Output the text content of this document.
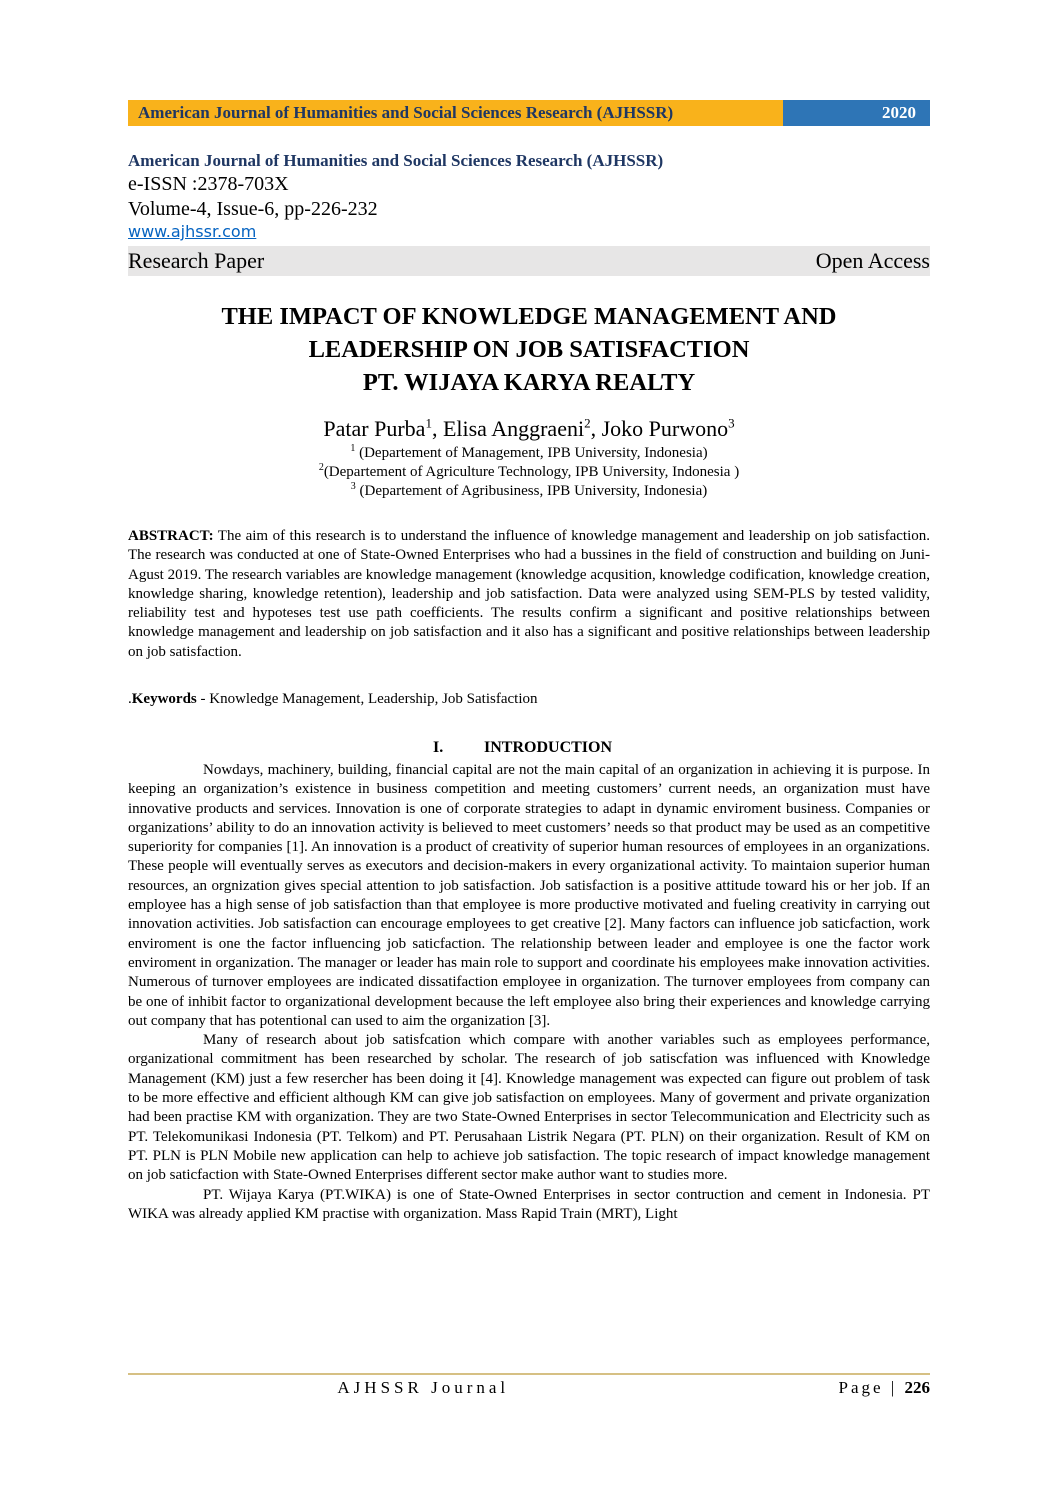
American Journal of Humanities and Social Sciences Research (AJHSSR)	2020
American Journal of Humanities and Social Sciences Research (AJHSSR)
e-ISSN :2378-703X
Volume-4, Issue-6, pp-226-232
www.ajhssr.com
Research Paper	Open Access
THE IMPACT OF KNOWLEDGE MANAGEMENT AND
LEADERSHIP ON JOB SATISFACTION
PT. WIJAYA KARYA REALTY
Patar Purba$^1$, Elisa Anggraeni$^2$, Joko Purwono$^3$
$^1$ (Departement of Management, IPB University, Indonesia)
$^2$(Departement of Agriculture Technology, IPB University, Indonesia )
$^3$ (Departement of Agribusiness, IPB University, Indonesia)
ABSTRACT: The aim of this research is to understand the influence of knowledge management and leadership on job satisfaction. The research was conducted at one of State-Owned Enterprises who had a bussines in the field of construction and building on Juni-Agust 2019. The research variables are knowledge management (knowledge acqusition, knowledge codification, knowledge creation, knowledge sharing, knowledge retention), leadership and job satisfaction. Data were analyzed using SEM-PLS by tested validity, reliability test and hypoteses test use path coefficients. The results confirm a significant and positive relationships between knowledge management and leadership on job satisfaction and it also has a significant and positive relationships between leadership on job satisfaction.
.Keywords - Knowledge Management, Leadership, Job Satisfaction
I.	INTRODUCTION

Nowdays, machinery, building, financial capital are not the main capital of an organization in achieving it is purpose. In keeping an organization’s existence in business competition and meeting customers’ current needs, an organization must have innovative products and services. Innovation is one of corporate strategies to adapt in dynamic enviroment business. Companies or organizations’ ability to do an innovation activity is believed to meet customers’ needs so that product may be used as an competitive superiority for companies [1]. An innovation is a product of creativity of superior human resources of employees in an organizations. These people will eventually serves as executors and decision-makers in every organizational activity. To maintaion superior human resources, an orgnization gives special attention to job satisfaction. Job satisfaction is a positive attitude toward his or her job. If an employee has a high sense of job satisfaction than that employee is more productive motivated and fueling creativity in carrying out innovation activities. Job satisfaction can encourage employees to get creative [2]. Many factors can influence job saticfaction, work enviroment is one the factor influencing job saticfaction. The relationship between leader and employee is one the factor work enviroment in organization. The manager or leader has main role to support and coordinate his employees make innovation activities. Numerous of turnover employees are indicated dissatifaction employee in organization. The turnover employees from company can be one of inhibit factor to organizational development because the left employee also bring their experiences and knowledge carrying out company that has potentional can used to aim the organization [3].

Many of research about job satisfcation which compare with another variables such as employees performance, organizational commitment has been researched by scholar. The research of job satiscfation was influenced with Knowledge Management (KM) just a few resercher has been doing it [4]. Knowledge management was expected can figure out problem of task to be more effective and efficient although KM can give job satisfaction on employees. Many of goverment and private organization had been practise KM with organization. They are two State-Owned Enterprises in sector Telecommunication and Electricity such as PT. Telekomunikasi Indonesia (PT. Telkom) and PT. Perusahaan Listrik Negara (PT. PLN) on their organization. Result of KM on PT. PLN is PLN Mobile new application can help to achieve job satisfaction. The topic research of impact knowledge management on job saticfaction with State-Owned Enterprises different sector make author want to studies more.

PT. Wijaya Karya (PT.WIKA) is one of State-Owned Enterprises in sector contruction and cement in Indonesia. PT WIKA was already applied KM practise with organization. Mass Rapid Train (MRT), Light

AJHSSR Journal	Page | 226
